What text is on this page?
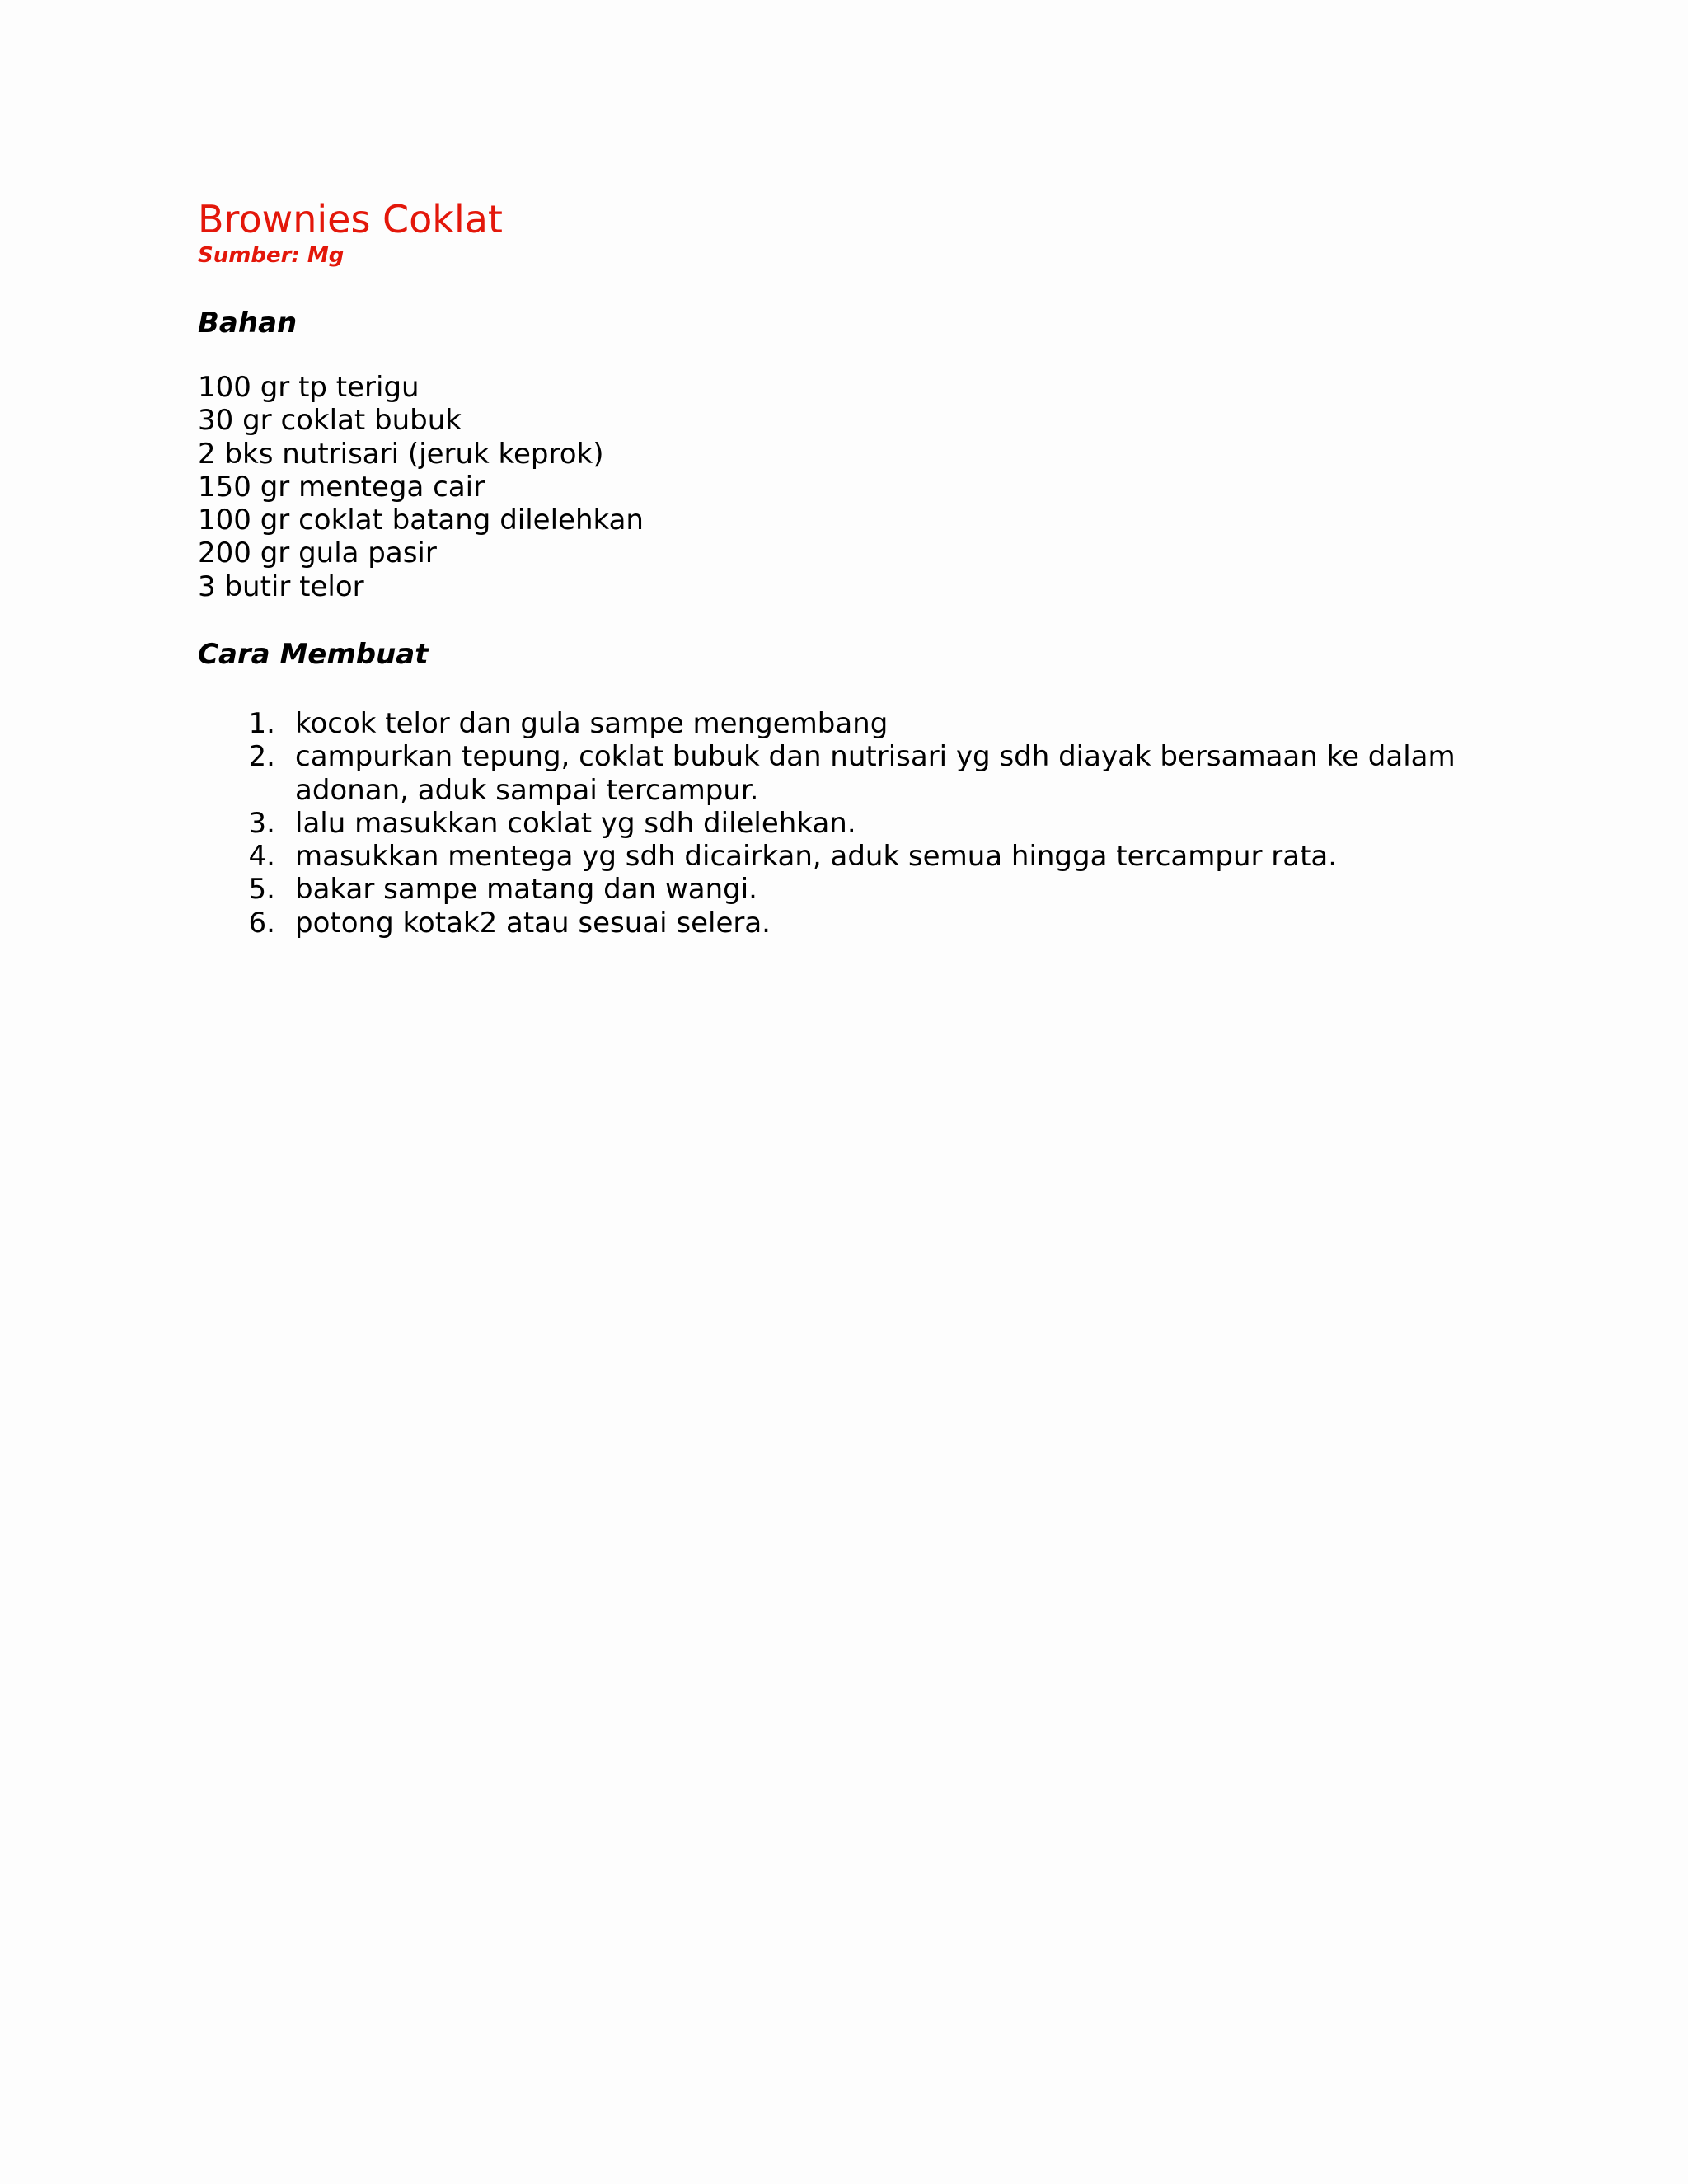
Brownies Coklat

Sumber: Mg

Bahan
100 gr tp terigu
30 gr coklat bubuk
2 bks nutrisari (jeruk keprok)
150 gr mentega cair
100 gr coklat batang dilelehkan
200 gr gula pasir
3 butir telor
Cara Membuat
1. kocok telor dan gula sampe mengembang
2. campurkan tepung, coklat bubuk dan nutrisari yg sdh diayak bersamaan ke dalam adonan, aduk sampai tercampur.
3. lalu masukkan coklat yg sdh dilelehkan.
4. masukkan mentega yg sdh dicairkan, aduk semua hingga tercampur rata.
5. bakar sampe matang dan wangi.
6. potong kotak2 atau sesuai selera.
